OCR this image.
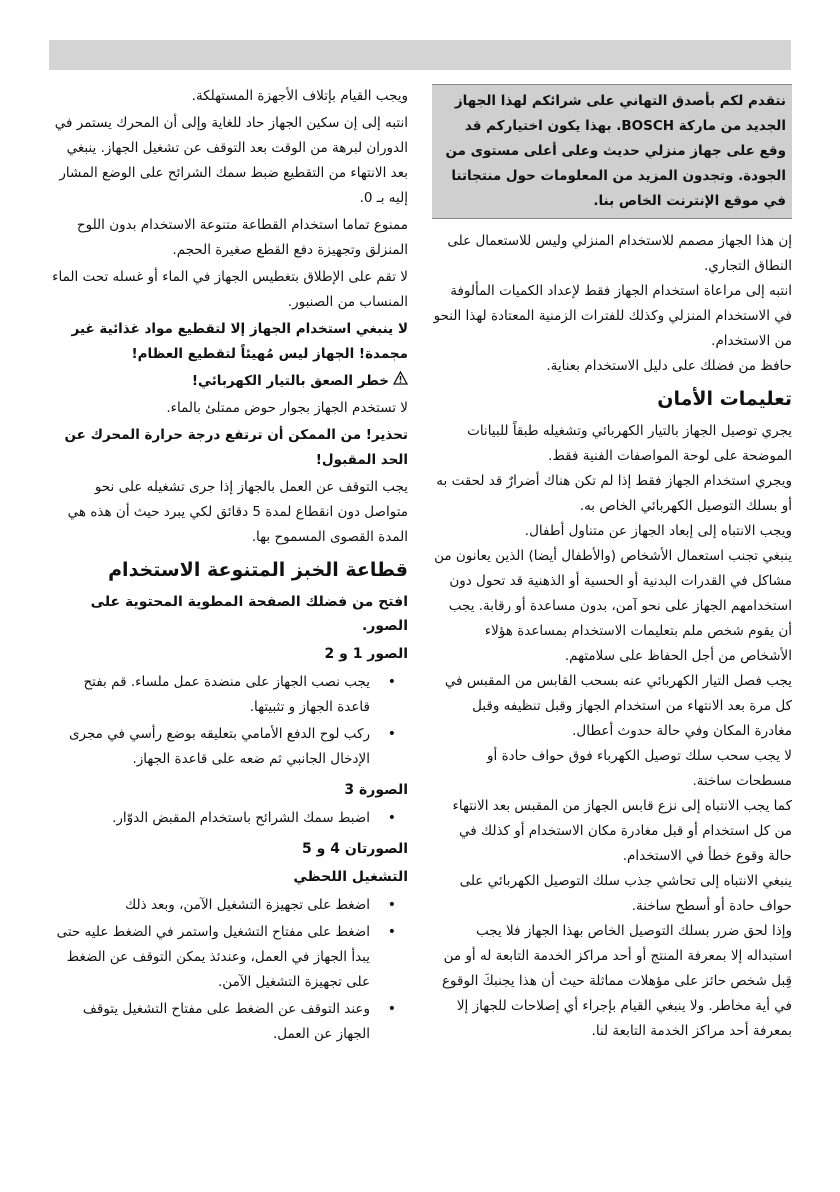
نتقدم لكم بأصدق التهاني على شرائكم لهذا الجهاز الجديد من ماركة BOSCH. بهذا يكون اختياركم قد وقع على جهاز منزلي حديث وعلى أعلى مستوى من الجودة. وتجدون المزيد من المعلومات حول منتجاتنا في موقع الإنترنت الخاص بنا.

إن هذا الجهاز مصمم للاستخدام المنزلي وليس للاستعمال على النطاق التجاري.

انتبه إلى مراعاة استخدام الجهاز فقط لإعداد الكميات المألوفة في الاستخدام المنزلي وكذلك للفترات الزمنية المعتادة لهذا النحو من الاستخدام.

حافظ من فضلك على دليل الاستخدام بعناية.

تعليمات الأمان

يجري توصيل الجهاز بالتيار الكهربائي وتشغيله طبقاً للبيانات الموضحة على لوحة المواصفات الفنية فقط.

ويجري استخدام الجهاز فقط إذا لم تكن هناك أضرارٌ قد لحقت به أو بسلك التوصيل الكهربائي الخاص به.

ويجب الانتباه إلى إبعاد الجهاز عن متناول أطفال.

ينبغي تجنب استعمال الأشخاص (والأطفال أيضا) الذين يعانون من مشاكل في القدرات البدنية أو الحسية أو الذهنية قد تحول دون استخدامهم الجهاز على نحو آمن، بدون مساعدة أو رقابة. يجب أن يقوم شخص ملم بتعليمات الاستخدام بمساعدة هؤلاء الأشخاص من أجل الحفاظ على سلامتهم.

يجب فصل التيار الكهربائي عنه بسحب القابس من المقبس في كل مرة بعد الانتهاء من استخدام الجهاز وقبل تنظيفه وقبل مغادرة المكان وفي حالة حدوث أعطال.

لا يجب سحب سلك توصيل الكهرباء فوق حواف حادة أو مسطحات ساخنة.

كما يجب الانتباه إلى نزع قابس الجهاز من المقبس بعد الانتهاء من كل استخدام أو قبل مغادرة مكان الاستخدام أو كذلك في حالة وقوع خطأ في الاستخدام.

ينبغي الانتباه إلى تحاشي جذب سلك التوصيل الكهربائي على حواف حادة أو أسطح ساخنة.

وإذا لحق ضرر بسلك التوصيل الخاص بهذا الجهاز فلا يجب استبداله إلا بمعرفة المنتج أو أحد مراكز الخدمة التابعة له أو من قِبل شخص حائز على مؤهلات مماثلة حيث أن هذا يجنبكَ الوقوع في أية مخاطر. ولا ينبغي القيام بإجراء أي إصلاحات للجهاز إلا بمعرفة أحد مراكز الخدمة التابعة لنا.

ويجب القيام بإتلاف الأجهزة المستهلكة.

انتبه إلى إن سكين الجهاز حاد للغاية وإلى أن المحرك يستمر في الدوران لبرهة من الوقت بعد التوقف عن تشغيل الجهاز. ينبغي بعد الانتهاء من التقطيع ضبط سمك الشرائح على الوضع المشار إليه بـ 0.

ممنوع تماما استخدام القطاعة متنوعة الاستخدام بدون اللوح المنزلق وتجهيزة دفع القطع صغيرة الحجم.

لا تقم على الإطلاق بتغطيس الجهاز في الماء أو غسله تحت الماء المنساب من الصنبور.

لا ينبغي استخدام الجهاز إلا لتقطيع مواد غذائية غير مجمدة! الجهاز ليس مُهيئاً لتقطيع العظام!

خطر الصعق بالتيار الكهربائي!

لا تستخدم الجهاز بجوار حوض ممتلئ بالماء.

تحذير! من الممكن أن ترتفع درجة حرارة المحرك عن الحد المقبول!

يجب التوقف عن العمل بالجهاز إذا جرى تشغيله على نحو متواصل دون انقطاع لمدة 5 دقائق لكي يبرد حيث أن هذه هي المدة القصوى المسموح بها.

قطاعة الخبز المتنوعة الاستخدام
افتح من فضلك الصفحة المطوية المحتوية على الصور.
الصور 1 و 2
• يجب نصب الجهاز على منضدة عمل ملساء. قم بفتح قاعدة الجهاز و تثبيتها.
• ركب لوح الدفع الأمامي بتعليقه بوضع رأسي في مجرى الإدخال الجانبي ثم ضعه على قاعدة الجهاز.
الصورة 3
• اضبط سمك الشرائح باستخدام المقبض الدوّار.
الصورتان 4 و 5
التشغيل اللحظي
• اضغط على تجهيزة التشغيل الآمن، وبعد ذلك
• اضغط على مفتاح التشغيل واستمر في الضغط عليه حتى يبدأ الجهاز في العمل، وعندئذ يمكن التوقف عن الضغط على تجهيزة التشغيل الآمن.
• وعند التوقف عن الضغط على مفتاح التشغيل يتوقف الجهاز عن العمل.
